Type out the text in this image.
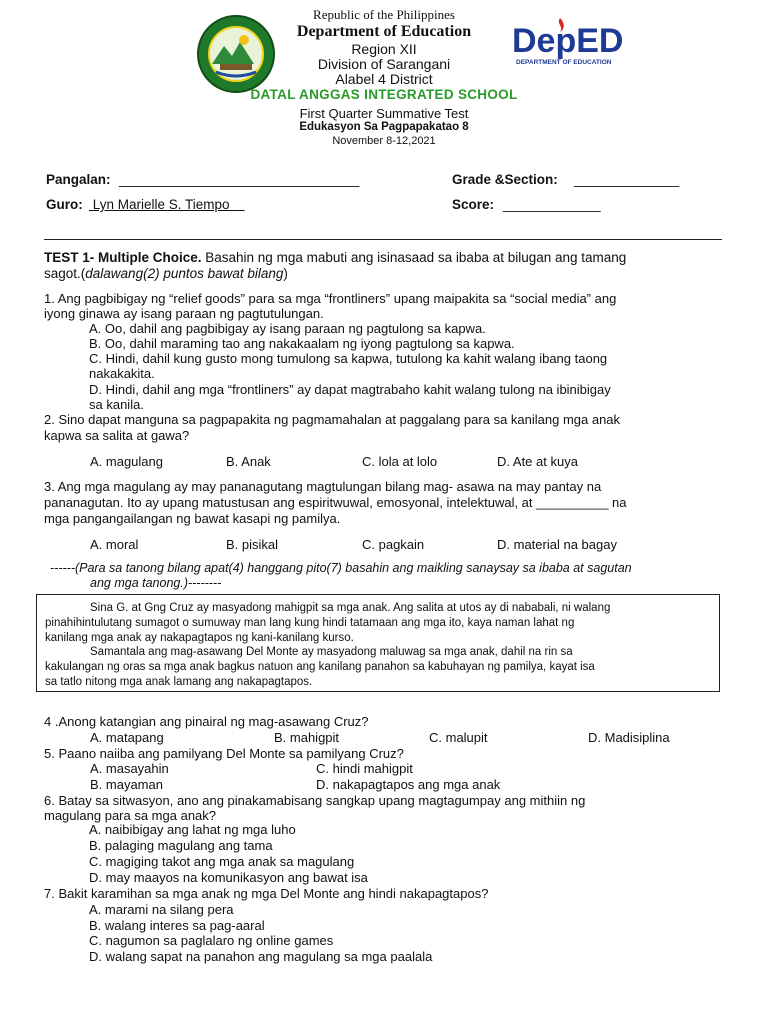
DepED
DEPARTMENT OF EDUCATION
Republic of the Philippines
Department of Education
Region XII
Division of Sarangani
Alabel 4 District
DATAL ANGGAS INTEGRATED SCHOOL
First Quarter Summative Test
Edukasyon Sa Pagpapakatao 8
November 8-12,2021
Pangalan: ________________________________	Grade &Section: ______________
Guro: Lyn Marielle S. Tiempo	Score: _____________
TEST 1- Multiple Choice. Basahin ng mga mabuti ang isinasaad sa ibaba at bilugan ang tamang
sagot.(dalawang(2) puntos bawat bilang)
1. Ang pagbibigay ng “relief goods” para sa mga “frontliners” upang maipakita sa “social media” ang
iyong ginawa ay isang paraan ng pagtutulungan.
A. Oo, dahil ang pagbibigay ay isang paraan ng pagtulong sa kapwa.
B. Oo, dahil maraming tao ang nakakaalam ng iyong pagtulong sa kapwa.
C. Hindi, dahil kung gusto mong tumulong sa kapwa, tutulong ka kahit walang ibang taong
nakakakita.
D. Hindi, dahil ang mga “frontliners” ay dapat magtrabaho kahit walang tulong na ibinibigay
sa kanila.
2. Sino dapat manguna sa pagpapakita ng pagmamahalan at paggalang para sa kanilang mga anak
kapwa sa salita at gawa?
A. magulang	B. Anak	C. lola at lolo	D. Ate at kuya
3. Ang mga magulang ay may pananagutang magtulungan bilang mag- asawa na may pantay na
pananagutan. Ito ay upang matustusan ang espiritwuwal, emosyonal, intelektuwal, at __________ na
mga pangangailangan ng bawat kasapi ng pamilya.
A. moral	B. pisikal	C. pagkain	D. material na bagay
------(Para sa tanong bilang apat(4) hanggang pito(7) basahin ang maikling sanaysay sa ibaba at sagutan
ang mga tanong.)--------
Sina G. at Gng Cruz ay masyadong mahigpit sa mga anak. Ang salita at utos ay di nababali, ni walang
pinahihintulutang sumagot o sumuway man lang kung hindi tatamaan ang mga ito, kaya naman lahat ng
kanilang mga anak ay nakapagtapos ng kani-kanilang kurso.
Samantala ang mag-asawang Del Monte ay masyadong maluwag sa mga anak, dahil na rin sa
kakulangan ng oras sa mga anak bagkus natuon ang kanilang panahon sa kabuhayan ng pamilya, kayat isa
sa tatlo nitong mga anak lamang ang nakapagtapos.
4 .Anong katangian ang pinairal ng mag-asawang Cruz?
A. matapang	B. mahigpit	C. malupit	D. Madisiplina
5. Paano naiiba ang pamilyang Del Monte sa pamilyang Cruz?
A. masayahin	C. hindi mahigpit
B. mayaman	D. nakapagtapos ang mga anak
6. Batay sa sitwasyon, ano ang pinakamabisang sangkap upang magtagumpay ang mithiin ng
magulang para sa mga anak?
A. naibibigay ang lahat ng mga luho
B. palaging magulang ang tama
C. magiging takot ang mga anak sa magulang
D. may maayos na komunikasyon ang bawat isa
7. Bakit karamihan sa mga anak ng mga Del Monte ang hindi nakapagtapos?
A. marami na silang pera
B. walang interes sa pag-aaral
C. nagumon sa paglalaro ng online games
D. walang sapat na panahon ang magulang sa mga paalala
